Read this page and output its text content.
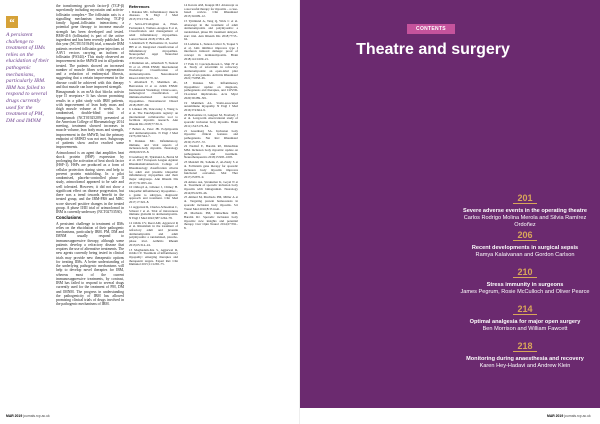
“
A persistent challenge to treatment of IIMs relies on the elucidation of their pathogenic mechanisms, particularly IBM. IBM has failed to respond to several drugs currently used for the treatment of PM, DM and IMNM

the transforming growth factor-β (TGF-β) superfamily including myostatin and activin-follistatin complex.• The follistatin axis is a signalling mechanism involving TGF-β family ligand–follistatin interactions; a potential gene therapy to increase muscle strength has been developed and tested. BMS-416 (follistatin) is part of the active ingredient and has been recently published. In this year (NCT01519349) trial, a muscle IBM patients received follistatin gene injections of AAV1 vectors carrying an isoform of follistatin (FS344).• This study observed an improvement in the 6MWD test in all patients treated. The patients showed an increased number of muscle fibres with regeneration and a reduction of endomysial fibrosis, suggesting that a certain improvement in the disease could be achieved with this therapy and that muscle can have improved strength.

Bimagrumab is an mAb that blocks activin type II receptors.• It has shown promising results in a pilot study with IBM patients, with improvement of lean body mass and thigh muscle volume at 8 weeks. In a randomised, double-blind trial of bimagrumab (NCT01925209) presented at the American College of Rheumatology 2014 meeting, treatment showed increases in muscle volume, lean body mass and strength, improvement in the 6MWD, but the primary endpoint of 6MWD was not met. Subgroups of patients show and/or reached some improvements.

Arimoclomol is an agent that amplifies heat shock protein (HSP) expression by prolonging the activation of heat shock factor (HSF-1). HSPs are produced as a form of cellular protection during stress and help to prevent protein misfolding. In a pilot randomised, placebo-controlled phase II study, arimoclomol appeared to be safe and well tolerated. However, it did not show a significant effect on disease progression, but there was a trend towards benefit in the treated group, and the IBM-FRS and MRC score showed positive changes in the treated group. A phase II/III trial of arimoclomol in IBM is currently underway (NCT02753530).

Conclusions

A persistent challenge to treatment of IIMs relies on the elucidation of their pathogenic mechanisms, particularly IBM. PM, DM and IMNM usually respond to immunosuppressive therapy, although some patients develop a refractory disease that requires the use of alternative treatments. The new agents currently being tested in clinical trials may provide new therapeutic options for treating IIMs. A better understanding of the underlying pathogenic mechanisms will help to develop novel therapies for IBM, whereas most of the current immunosuppressive treatments, by contrast, IBM has failed to respond to several drugs currently used for the treatment of PM, DM and IMNM. The progress in understanding the pathogenicity of IBM has allowed promising clinical trials of drugs involved in the pathogenic mechanisms of IBM.

References

1 Dalakas MC. Inflammatory muscle diseases. N Engl J Med 2015;372:1734–47.

2 Selva-O'Callaghan A, Pinal-Fernandez I, Trallero-Araguas E et al. Classification and management of adult inflammatory myopathies. Lancet Neurol 2018;17:816–28.

3 Allenbach Y, Benveniste O, Goebel HH et al. Integrated classification of inflammatory myopathies. Neuropathol Appl Neurobiol 2017;43:62–81.

4 Mammen AL, Allenbach Y, Stenzel W et al. 239th ENMC International Workshop: Classification of dermatomyositis. Neuromuscul Disord 2020;30:70–92.

5 Allenbach Y, Mammen AL, Benveniste O et al. 224th ENMC International Workshop: Clinico-sero-pathological classification of immune-mediated necrotizing myopathies. Neuromuscul Disord 2018;28:87–99.

6 Lilleker JB, Vencovsky J, Wang G et al. The EuroMyositis registry: an international collaborative tool to facilitate myositis research. Ann Rheum Dis 2018;77:30–9.

7 Bohan A, Peter JB. Polymyositis and dermatomyositis. N Engl J Med 1975;292:344–7.

8 Dalakas MC. Inflammatory, immune, and viral aspects of inclusion-body myositis. Neurology 2006;66:S33–8.

9 Lundberg IE, Tjärnlund A, Bottai M et al. 2017 European League Against Rheumatism/American College of Rheumatology classification criteria for adult and juvenile idiopathic inflammatory myopathies and their major subgroups. Ann Rheum Dis 2017;76:1955–64.

10 Oldroyd A, Lilleker J, Chinoy H. Idiopathic inflammatory myopathies – a guide to subtypes, diagnostic approach and treatment. Clin Med 2017;17:322–8.

11 Aggarwal R, Charles-Schoeman C, Schessl J et al. Trial of intravenous immune globulin in dermatomyositis. N Engl J Med 2022;387:1264–78.

12 Oddis CV, Reed AM, Aggarwal R et al. Rituximab in the treatment of refractory adult and juvenile dermatomyositis and adult polymyositis: a randomized, placebo-phase trial. Arthritis Rheum 2013;65:314–24.

13 Moghadam-Kia S, Aggarwal R, Oddis CV. Treatment of inflammatory myopathy: emerging therapies and therapeutic targets. Expert Rev Clin Immunol 2015;11:1265–75.

14 Kerola AM, Kauppi MJ. Abatacept as a successful therapy for myositis – a case-based review. Clin Rheumatol 2015;34:609–12.

15 Tjärnlund A, Tang Q, Wick C et al. Abatacept in the treatment of adult dermatomyositis and polymyositis: a randomised, phase IIb treatment delayed-start trial. Ann Rheum Dis 2018;77:55–62.

16 Ladislau L, Suárez-Calvet X, Toquet S et al. JAK inhibitor improves type I interferon induced damage: proof of concept in dermatomyositis. Brain 2018;141:1609–21.

17 Paik JJ, Casciola-Rosen L, Shin JY et al. Study of tofacitinib in refractory dermatomyositis: an open-label pilot study of ten patients. Arthritis Rheumatol 2021;73:858–65.

18 Dalakas MC. Inflammatory myopathies: update on diagnosis, pathogenesis and therapies, and COVID-19-related implications. Acta Myol 2020;39:289–301.

19 Mammen AL. Statin-associated autoimmune myopathy. N Engl J Med 2016;374:664–9.

20 Benveniste O, Guiguet M, Freebody J et al. Long-term observational study of sporadic inclusion body myositis. Brain 2011;134:3176–84.

21 Greenberg SA. Inclusion body myositis: clinical features and pathogenesis. Nat Rev Rheumatol 2019;15:257–72.

22 Naddaf E, Barohn RJ, Dimachkie MM. Inclusion body myositis: update on pathogenesis and treatment. Neurotherapeutics 2018;15:995–1005.

23 Mendell JR, Sahenk Z, Al-Zaidy S et al. Follistatin gene therapy for sporadic inclusion body myositis improves functional outcomes. Mol Ther 2017;25:870–9.

24 Amato AA, Sivakumar K, Goyal N et al. Treatment of sporadic inclusion body myositis with bimagrumab. Neurology 2014;83:2239–46.

25 Ahmed M, Machado PM, Miller A et al. Targeting protein homeostasis in sporadic inclusion body myositis. Sci Transl Med 2016;8:331ra41.

26 Machado PM, Dimachkie MM, Barohn RJ. Sporadic inclusion body myositis: new insights and potential therapy. Curr Opin Neurol 2014;27:591–8.

MAR 2019 journals.rcp.ac.uk
CONTENTS
Theatre and surgery
201
Severe adverse events in the operating theatre
Carlos Rodrigo Molina Merola and Silvia Ramírez Ordoñez
206
Recent developments in surgical sepsis
Ramya Kalaivanan and Gordon Carlson
210
Stress immunity in surgeons
James Pegrum, Rosie McCulloch and Oliver Pearce
214
Optimal analgesia for major open surgery
Ben Morrison and William Fawcett
218
Monitoring during anaesthesia and recovery
Karen Hey-Hadavi and Andrew Klein
MAR 2019 journals.rcp.ac.uk
